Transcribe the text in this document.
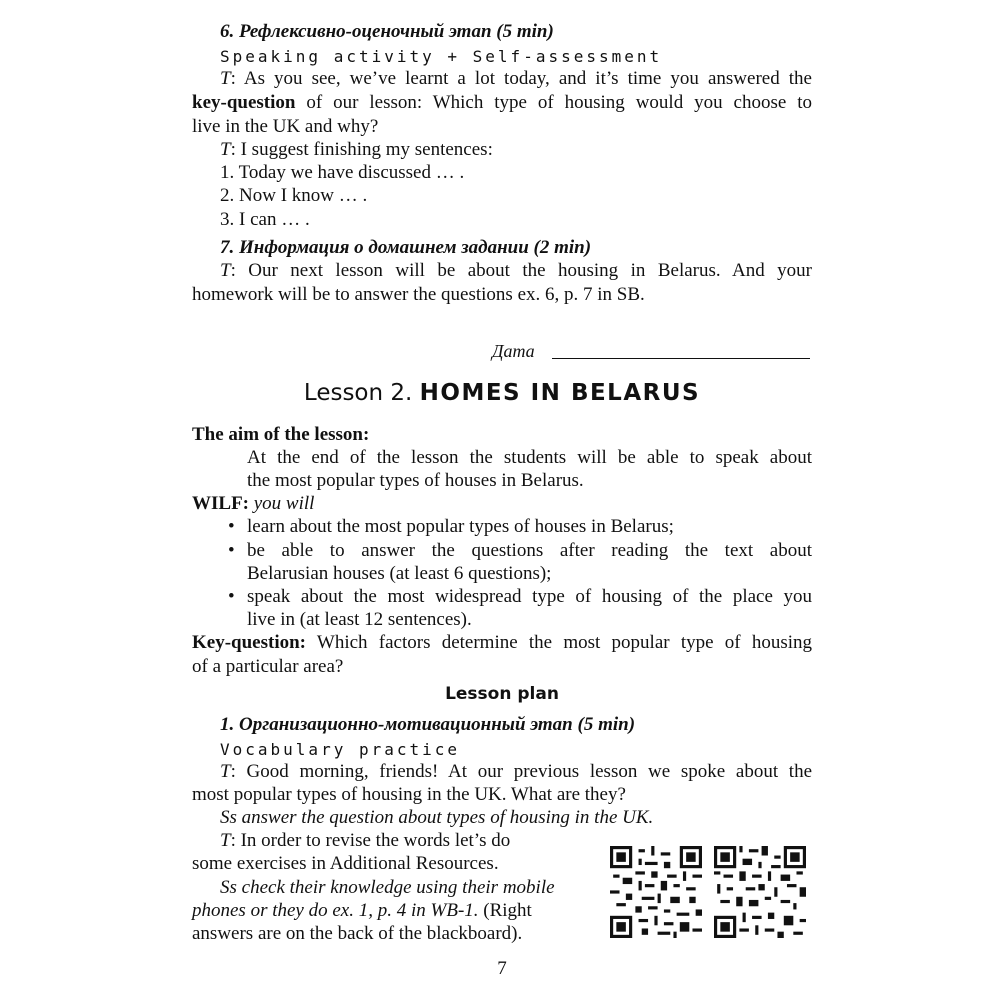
6. Рефлексивно-оценочный этап (5 min)
Speaking activity + Self-assessment
T: As you see, we’ve learnt a lot today, and it’s time you answered the
key-question of our lesson: Which type of housing would you choose to
live in the UK and why?
T: I suggest finishing my sentences:
1. Today we have discussed … .
2. Now I know … .
3. I can … .
7. Информация о домашнем задании (2 min)
T: Our next lesson will be about the housing in Belarus. And your
homework will be to answer the questions ex. 6, p. 7 in SB.
Дата
Lesson 2. HOMES IN BELARUS
The aim of the lesson:
At the end of the lesson the students will be able to speak about
the most popular types of houses in Belarus.
WILF: you will
• learn about the most popular types of houses in Belarus;
• be able to answer the questions after reading the text about
Belarusian houses (at least 6 questions);
• speak about the most widespread type of housing of the place you
live in (at least 12 sentences).
Key-question: Which factors determine the most popular type of housing
of a particular area?
Lesson plan
1. Организационно-мотивационный этап (5 min)
Vocabulary practice
T: Good morning, friends! At our previous lesson we spoke about the
most popular types of housing in the UK. What are they?
Ss answer the question about types of housing in the UK.
T: In order to revise the words let’s do
some exercises in Additional Resources.
Ss check their knowledge using their mobile
phones or they do ex. 1, p. 4 in WB-1. (Right
answers are on the back of the blackboard).
7
